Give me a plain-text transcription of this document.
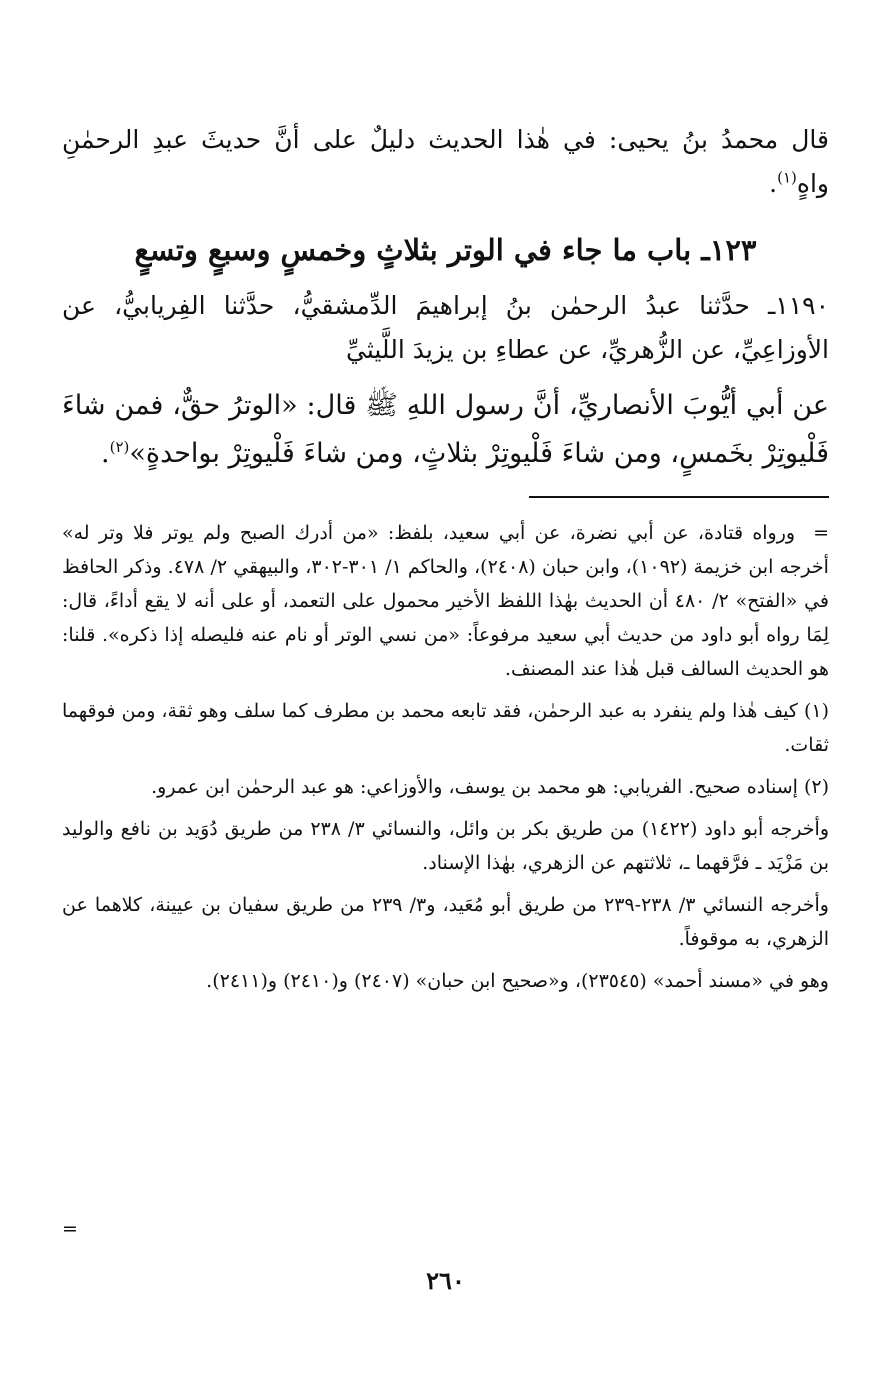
قال محمدُ بنُ يحيى: في هٰذا الحديث دليلٌ على أنَّ حديثَ عبدِ الرحمٰنِ واهٍ$^{(١)}$.

١٢٣ـ باب ما جاء في الوتر بثلاثٍ وخمسٍ وسبعٍ وتسعٍ

١١٩٠ـ حدَّثنا عبدُ الرحمٰن بنُ إبراهيمَ الدِّمشقيُّ، حدَّثنا الفِريابيُّ، عن الأوزاعِيِّ، عن الزُّهريِّ، عن عطاءِ بن يزيدَ اللَّيثيِّ

عن أبي أيُّوبَ الأنصاريِّ، أنَّ رسول اللهِ ﷺ قال: «الوترُ حقٌّ، فمن شاءَ فَلْيوتِرْ بخَمسٍ، ومن شاءَ فَلْيوتِرْ بثلاثٍ، ومن شاءَ فَلْيوتِرْ بواحدةٍ»$^{(٢)}$.

=ورواه قتادة، عن أبي نضرة، عن أبي سعيد، بلفظ: «من أدرك الصبح ولم يوتر فلا وتر له» أخرجه ابن خزيمة (١٠٩٢)، وابن حبان (٢٤٠٨)، والحاكم ١/ ٣٠١-٣٠٢، والبيهقي ٢/ ٤٧٨. وذكر الحافظ في «الفتح» ٢/ ٤٨٠ أن الحديث بهٰذا اللفظ الأخير محمول على التعمد، أو على أنه لا يقع أداءً، قال: لِمَا رواه أبو داود من حديث أبي سعيد مرفوعاً: «من نسي الوتر أو نام عنه فليصله إذا ذكره». قلنا: هو الحديث السالف قبل هٰذا عند المصنف.

(١) كيف هٰذا ولم ينفرد به عبد الرحمٰن، فقد تابعه محمد بن مطرف كما سلف وهو ثقة، ومن فوقهما ثقات.

(٢) إسناده صحيح. الفريابي: هو محمد بن يوسف، والأوزاعي: هو عبد الرحمٰن ابن عمرو.

وأخرجه أبو داود (١٤٢٢) من طريق بكر بن وائل، والنسائي ٣/ ٢٣٨ من طريق دُوَيد بن نافع والوليد بن مَزْيَد ـ فرَّقهما ـ، ثلاثتهم عن الزهري، بهٰذا الإسناد.

وأخرجه النسائي ٣/ ٢٣٨-٢٣٩ من طريق أبو مُعَيد، و٣/ ٢٣٩ من طريق سفيان بن عيينة، كلاهما عن الزهري، به موقوفاً.

وهو في «مسند أحمد» (٢٣٥٤٥)، و«صحيح ابن حبان» (٢٤٠٧) و(٢٤١٠) و(٢٤١١).

=
٢٦٠
